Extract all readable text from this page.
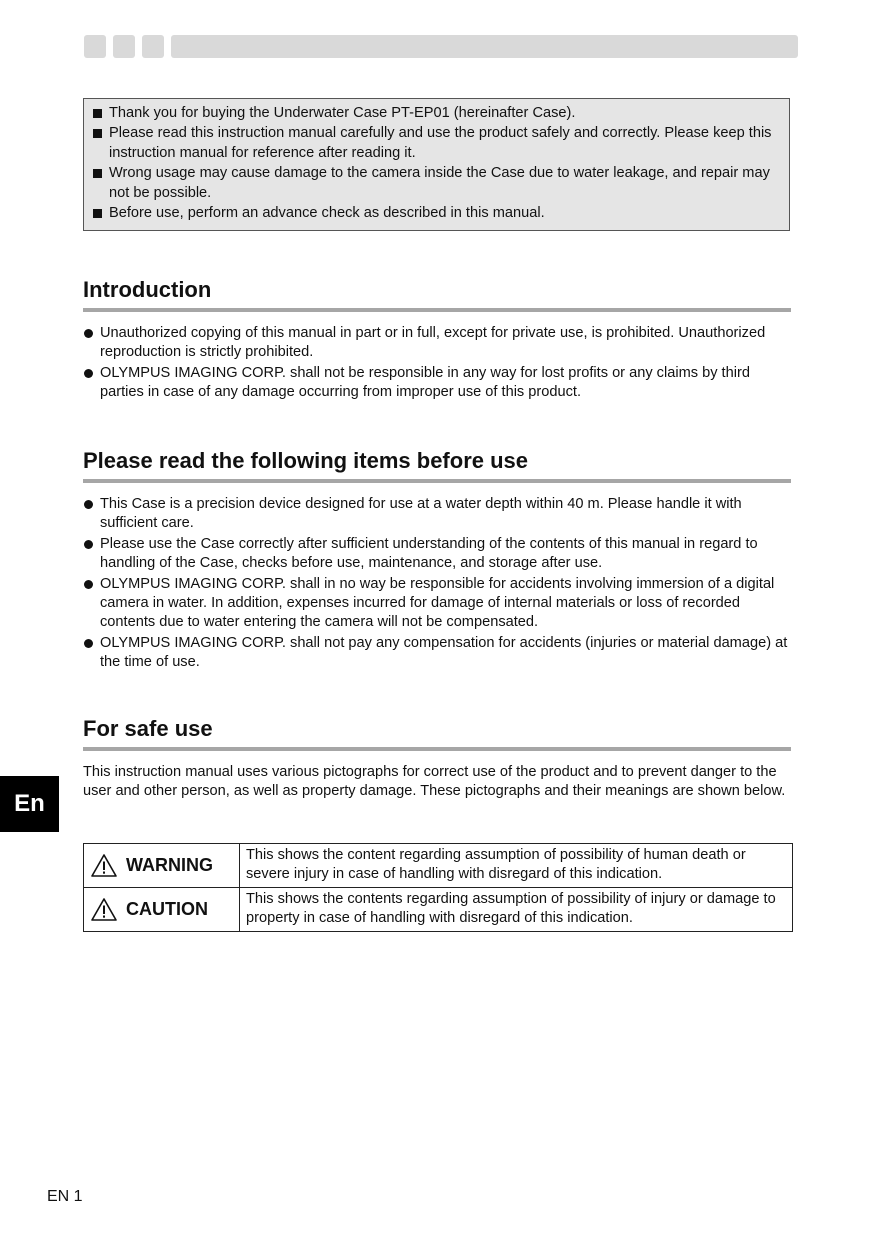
Thank you for buying the Underwater Case PT-EP01 (hereinafter Case).
Please read this instruction manual carefully and use the product safely and correctly. Please keep this instruction manual for reference after reading it.
Wrong usage may cause damage to the camera inside the Case due to water leakage, and repair may not be possible.
Before use, perform an advance check as described in this manual.
Introduction
Unauthorized copying of this manual in part or in full, except for private use, is prohibited. Unauthorized reproduction is strictly prohibited.
OLYMPUS IMAGING CORP. shall not be responsible in any way for lost profits or any claims by third parties in case of any damage occurring from improper use of this product.
Please read the following items before use
This Case is a precision device designed for use at a water depth within 40 m. Please handle it with sufficient care.
Please use the Case correctly after sufficient understanding of the contents of this manual in regard to handling of the Case, checks before use, maintenance, and storage after use.
OLYMPUS IMAGING CORP. shall in no way be responsible for accidents involving immersion of a digital camera in water. In addition, expenses incurred for damage of internal materials or loss of recorded contents due to water entering the camera will not be compensated.
OLYMPUS IMAGING CORP. shall not pay any compensation for accidents (injuries or material damage) at the time of use.
For safe use

This instruction manual uses various pictographs for correct use of the product and to prevent danger to the user and other person, as well as property damage. These pictographs and their meanings are shown below.

WARNING	This shows the content regarding assumption of possibility of human death or severe injury in case of handling with disregard of this indication.
CAUTION	This shows the contents regarding assumption of possibility of injury or damage to property in case of handling with disregard of this indication.
En
EN 1
